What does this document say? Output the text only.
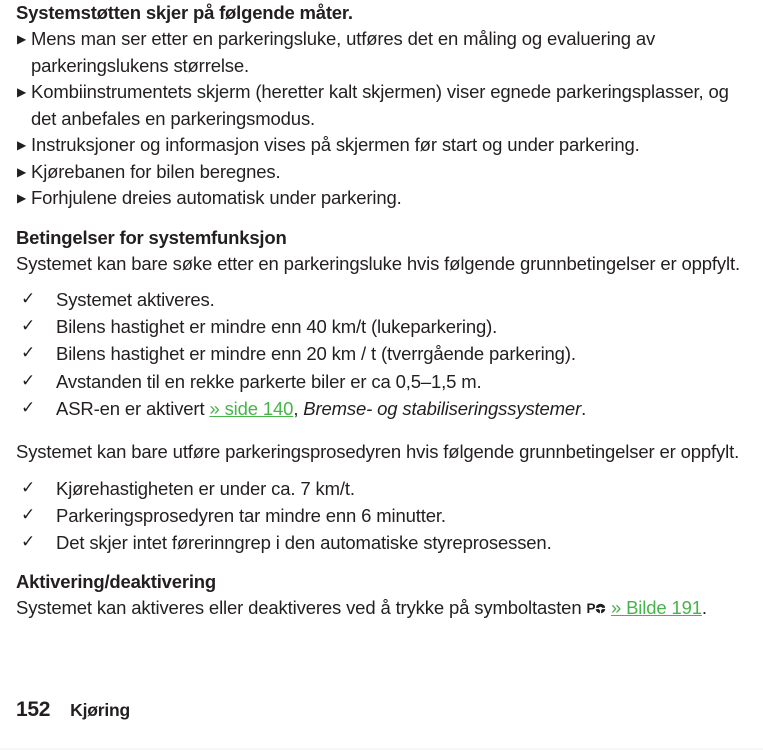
Systemstøtten skjer på følgende måter.
▶ Mens man ser etter en parkeringsluke, utføres det en måling og evaluering av parkeringslukens størrelse.
▶ Kombiinstrumentets skjerm (heretter kalt skjermen) viser egnede parkeringsplasser, og det anbefales en parkeringsmodus.
▶ Instruksjoner og informasjon vises på skjermen før start og under parkering.
▶ Kjørebanen for bilen beregnes.
▶ Forhjulene dreies automatisk under parkering.
Betingelser for systemfunksjon

Systemet kan bare søke etter en parkeringsluke hvis følgende grunnbetingelser er oppfylt.

✓ Systemet aktiveres.
✓ Bilens hastighet er mindre enn 40 km/t (lukeparkering).
✓ Bilens hastighet er mindre enn 20 km / t (tverrgående parkering).
✓ Avstanden til en rekke parkerte biler er ca 0,5–1,5 m.
✓ ASR-en er aktivert » side 140, Bremse- og stabiliseringssystemer.

Systemet kan bare utføre parkeringsprosedyren hvis følgende grunnbetingelser er oppfylt.

✓ Kjørehastigheten er under ca. 7 km/t.
✓ Parkeringsprosedyren tar mindre enn 6 minutter.
✓ Det skjer intet førerinngrep i den automatiske styreprosessen.
Aktivering/deaktivering

Systemet kan aktiveres eller deaktiveres ved å trykke på symboltasten P » Bilde 191.

152 Kjøring
